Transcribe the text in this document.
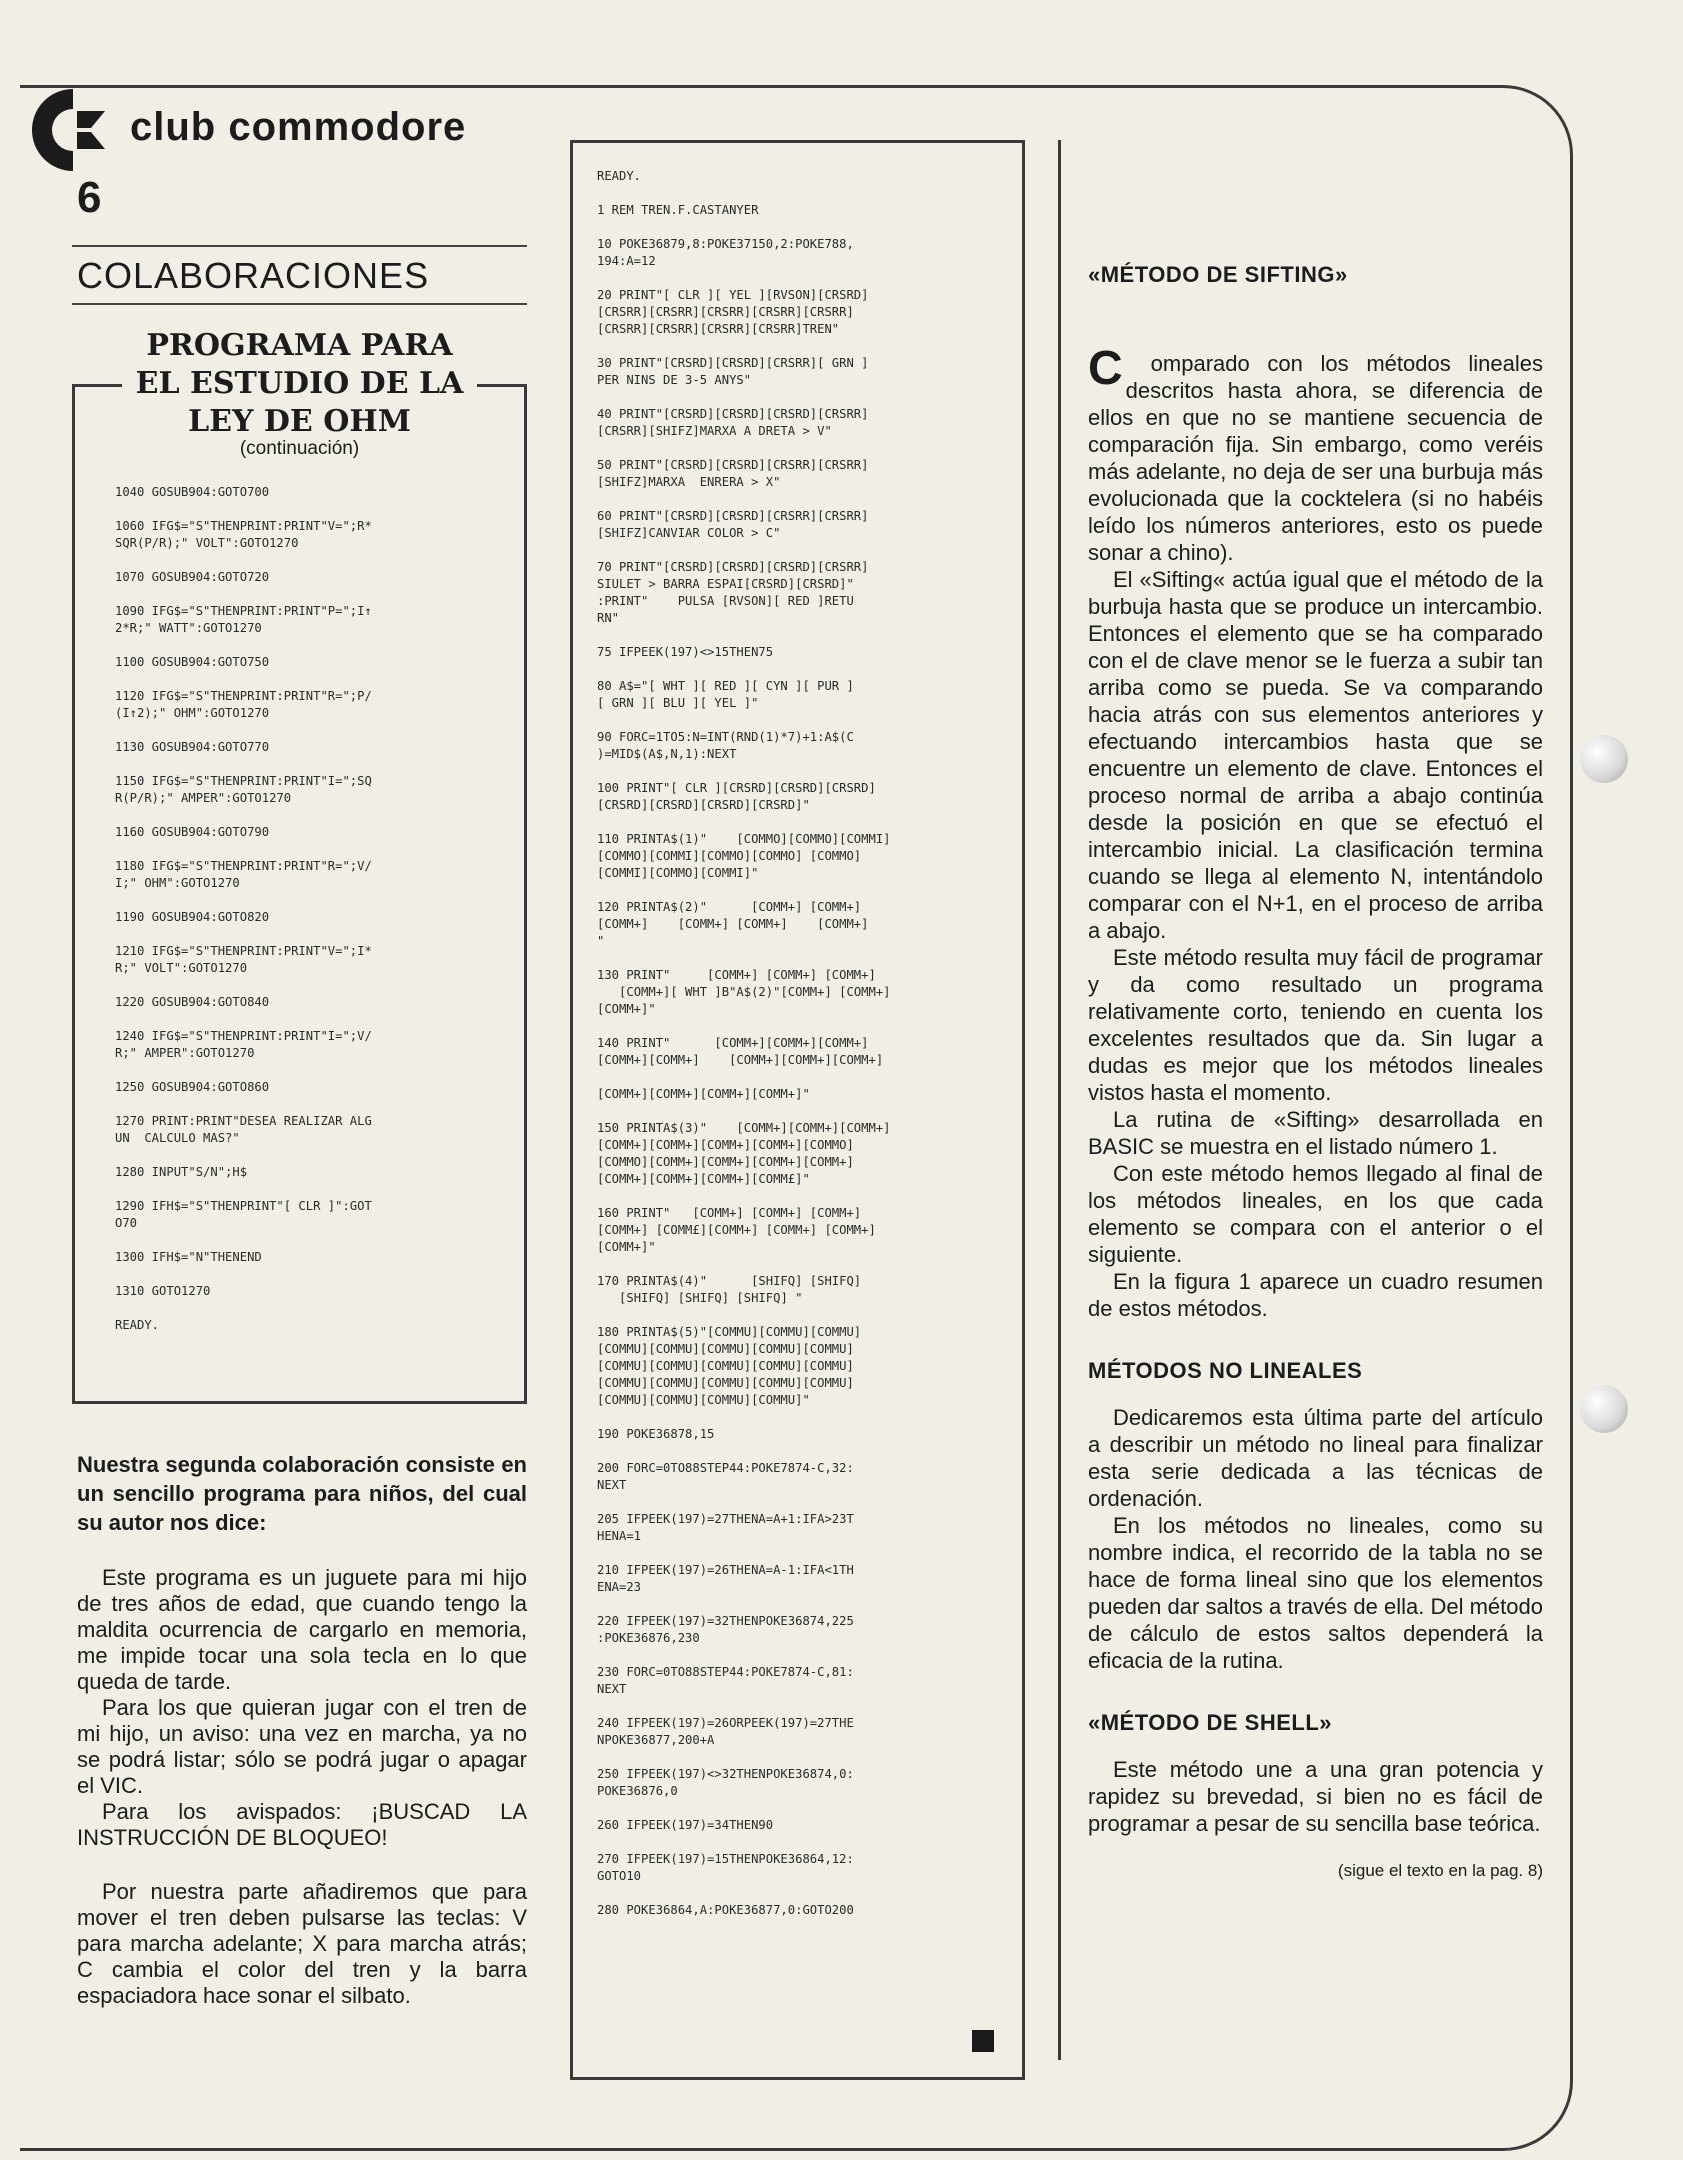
club commodore
6
COLABORACIONES
PROGRAMA PARA
EL ESTUDIO DE LA
LEY DE OHM
(continuación)
1040 GOSUB904:GOTO700
1060 IFG$="S"THENPRINT:PRINT"V=";R*
SQR(P/R);" VOLT":GOTO1270
1070 GOSUB904:GOTO720
1090 IFG$="S"THENPRINT:PRINT"P=";I↑
2*R;" WATT":GOTO1270
1100 GOSUB904:GOTO750
1120 IFG$="S"THENPRINT:PRINT"R=";P/
(I↑2);" OHM":GOTO1270
1130 GOSUB904:GOTO770
1150 IFG$="S"THENPRINT:PRINT"I=";SQ
R(P/R);" AMPER":GOTO1270
1160 GOSUB904:GOTO790
1180 IFG$="S"THENPRINT:PRINT"R=";V/
I;" OHM":GOTO1270
1190 GOSUB904:GOTO820
1210 IFG$="S"THENPRINT:PRINT"V=";I*
R;" VOLT":GOTO1270
1220 GOSUB904:GOTO840
1240 IFG$="S"THENPRINT:PRINT"I=";V/
R;" AMPER":GOTO1270
1250 GOSUB904:GOTO860
1270 PRINT:PRINT"DESEA REALIZAR ALG
UN  CALCULO MAS?"
1280 INPUT"S/N";H$
1290 IFH$="S"THENPRINT"[ CLR ]":GOT
O70
1300 IFH$="N"THENEND
1310 GOTO1270
READY.

Nuestra segunda colaboración consiste en un sencillo programa para niños, del cual su autor nos dice:

Este programa es un juguete para mi hijo de tres años de edad, que cuando tengo la maldita ocurrencia de cargarlo en memoria, me impide tocar una sola tecla en lo que queda de tarde.

Para los que quieran jugar con el tren de mi hijo, un aviso: una vez en marcha, ya no se podrá listar; sólo se podrá jugar o apagar el VIC.

Para los avispados: ¡BUSCAD LA INSTRUCCIÓN DE BLOQUEO!

Por nuestra parte añadiremos que para mover el tren deben pulsarse las teclas: V para marcha adelante; X para marcha atrás; C cambia el color del tren y la barra espaciadora hace sonar el silbato.

READY.
1 REM TREN.F.CASTANYER
10 POKE36879,8:POKE37150,2:POKE788,
194:A=12
20 PRINT"[ CLR ][ YEL ][RVSON][CRSRD]
[CRSRR][CRSRR][CRSRR][CRSRR][CRSRR]
[CRSRR][CRSRR][CRSRR][CRSRR]TREN"
30 PRINT"[CRSRD][CRSRD][CRSRR][ GRN ]
PER NINS DE 3-5 ANYS"
40 PRINT"[CRSRD][CRSRD][CRSRD][CRSRR]
[CRSRR][SHIFZ]MARXA A DRETA > V"
50 PRINT"[CRSRD][CRSRD][CRSRR][CRSRR]
[SHIFZ]MARXA  ENRERA > X"
60 PRINT"[CRSRD][CRSRD][CRSRR][CRSRR]
[SHIFZ]CANVIAR COLOR > C"
70 PRINT"[CRSRD][CRSRD][CRSRD][CRSRR]
SIULET > BARRA ESPAI[CRSRD][CRSRD]"
:PRINT"    PULSA [RVSON][ RED ]RETU
RN"
75 IFPEEK(197)<>15THEN75
80 A$="[ WHT ][ RED ][ CYN ][ PUR ]
[ GRN ][ BLU ][ YEL ]"
90 FORC=1TO5:N=INT(RND(1)*7)+1:A$(C
)=MID$(A$,N,1):NEXT
100 PRINT"[ CLR ][CRSRD][CRSRD][CRSRD]
[CRSRD][CRSRD][CRSRD][CRSRD]"
110 PRINTA$(1)"    [COMMO][COMMO][COMMI]
[COMMO][COMMI][COMMO][COMMO] [COMMO]
[COMMI][COMMO][COMMI]"
120 PRINTA$(2)"      [COMM+] [COMM+]
[COMM+]    [COMM+] [COMM+]    [COMM+]
"
130 PRINT"     [COMM+] [COMM+] [COMM+]
[COMM+][ WHT ]B"A$(2)"[COMM+] [COMM+]
[COMM+]"
140 PRINT"      [COMM+][COMM+][COMM+]
[COMM+][COMM+]    [COMM+][COMM+][COMM+]

[COMM+][COMM+][COMM+][COMM+]"
150 PRINTA$(3)"    [COMM+][COMM+][COMM+]
[COMM+][COMM+][COMM+][COMM+][COMMO]
[COMMO][COMM+][COMM+][COMM+][COMM+]
[COMM+][COMM+][COMM+][COMM£]"
160 PRINT"   [COMM+] [COMM+] [COMM+]
[COMM+] [COMM£][COMM+] [COMM+] [COMM+]
[COMM+]"
170 PRINTA$(4)"      [SHIFQ] [SHIFQ]
[SHIFQ] [SHIFQ] [SHIFQ] "
180 PRINTA$(5)"[COMMU][COMMU][COMMU]
[COMMU][COMMU][COMMU][COMMU][COMMU]
[COMMU][COMMU][COMMU][COMMU][COMMU]
[COMMU][COMMU][COMMU][COMMU][COMMU]
[COMMU][COMMU][COMMU][COMMU]"
190 POKE36878,15
200 FORC=0TO88STEP44:POKE7874-C,32:
NEXT
205 IFPEEK(197)=27THENA=A+1:IFA>23T
HENA=1
210 IFPEEK(197)=26THENA=A-1:IFA<1TH
ENA=23
220 IFPEEK(197)=32THENPOKE36874,225
:POKE36876,230
230 FORC=0TO88STEP44:POKE7874-C,81:
NEXT
240 IFPEEK(197)=26ORPEEK(197)=27THE
NPOKE36877,200+A
250 IFPEEK(197)<>32THENPOKE36874,0:
POKE36876,0
260 IFPEEK(197)=34THEN90
270 IFPEEK(197)=15THENPOKE36864,12:
GOTO10
280 POKE36864,A:POKE36877,0:GOTO200

«MÉTODO DE SIFTING»

C omparado con los métodos lineales descritos hasta ahora, se diferencia de ellos en que no se mantiene secuencia de comparación fija. Sin embargo, como veréis más adelante, no deja de ser una burbuja más evolucionada que la cocktelera (si no habéis leído los números anteriores, esto os puede sonar a chino).

El «Sifting« actúa igual que el método de la burbuja hasta que se produce un intercambio. Entonces el elemento que se ha comparado con el de clave menor se le fuerza a subir tan arriba como se pueda. Se va comparando hacia atrás con sus elementos anteriores y efectuando intercambios hasta que se encuentre un elemento de clave. Entonces el proceso normal de arriba a abajo continúa desde la posición en que se efectuó el intercambio inicial. La clasificación termina cuando se llega al elemento N, intentándolo comparar con el N+1, en el proceso de arriba a abajo.

Este método resulta muy fácil de programar y da como resultado un programa relativamente corto, teniendo en cuenta los excelentes resultados que da. Sin lugar a dudas es mejor que los métodos lineales vistos hasta el momento.

La rutina de «Sifting» desarrollada en BASIC se muestra en el listado número 1.

Con este método hemos llegado al final de los métodos lineales, en los que cada elemento se compara con el anterior o el siguiente.

En la figura 1 aparece un cuadro resumen de estos métodos.

MÉTODOS NO LINEALES

Dedicaremos esta última parte del artículo a describir un método no lineal para finalizar esta serie dedicada a las técnicas de ordenación.

En los métodos no lineales, como su nombre indica, el recorrido de la tabla no se hace de forma lineal sino que los elementos pueden dar saltos a través de ella. Del método de cálculo de estos saltos dependerá la eficacia de la rutina.

«MÉTODO DE SHELL»

Este método une a una gran potencia y rapidez su brevedad, si bien no es fácil de programar a pesar de su sencilla base teórica.

(sigue el texto en la pag. 8)
